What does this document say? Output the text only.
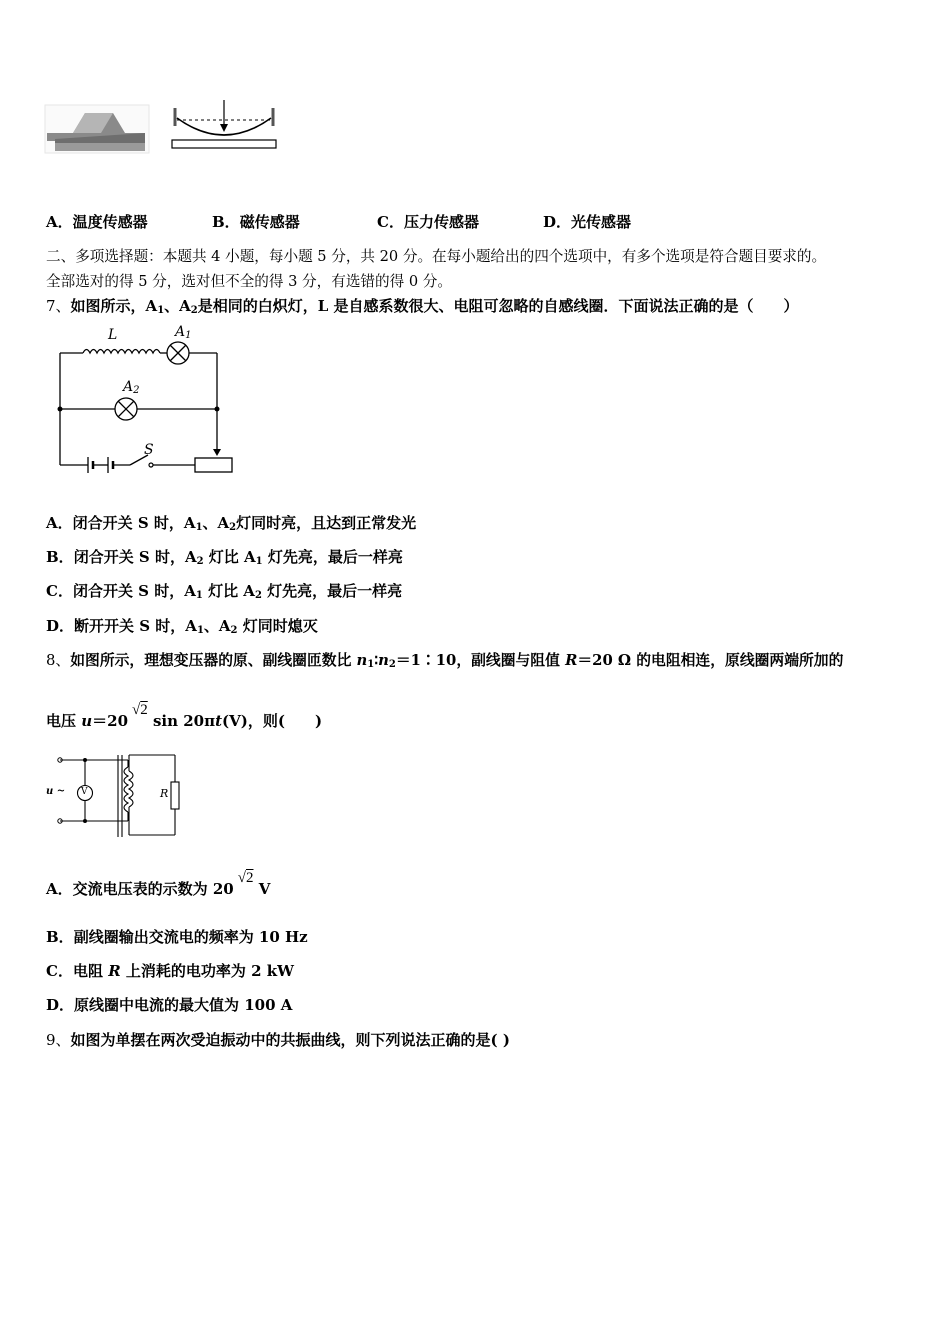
A．温度传感器	B．磁传感器	C．压力传感器	D．光传感器
二、多项选择题：本题共 4 小题，每小题 5 分，共 20 分。在每小题给出的四个选项中，有多个选项是符合题目要求的。
全部选对的得 5 分，选对但不全的得 3 分，有选错的得 0 分。
7、如图所示，$A_1$、$A_2$是相同的白炽灯，L 是自感系数很大、电阻可忽略的自感线圈．下面说法正确的是（　　）
L	$A_1$
$A_2$
S
A．闭合开关 S 时，$A_1$、$A_2$灯同时亮，且达到正常发光
B．闭合开关 S 时，$A_2$ 灯比 $A_1$ 灯先亮，最后一样亮
C．闭合开关 S 时，$A_1$ 灯比 $A_2$ 灯先亮，最后一样亮
D．断开开关 S 时，$A_1$、$A_2$ 灯同时熄灭
8、如图所示，理想变压器的原、副线圈匝数比 $n_1∶n_2=1∶10$，副线圈与阻值 R＝20 Ω 的电阻相连，原线圈两端所加的
电压 u＝20√2 sin 20πt(V)，则(　　)
u ~ V	R
A．交流电压表的示数为 20√2 V
B．副线圈输出交流电的频率为 10 Hz
C．电阻 R 上消耗的电功率为 2 kW
D．原线圈中电流的最大值为 100 A
9、如图为单摆在两次受迫振动中的共振曲线，则下列说法正确的是( )
